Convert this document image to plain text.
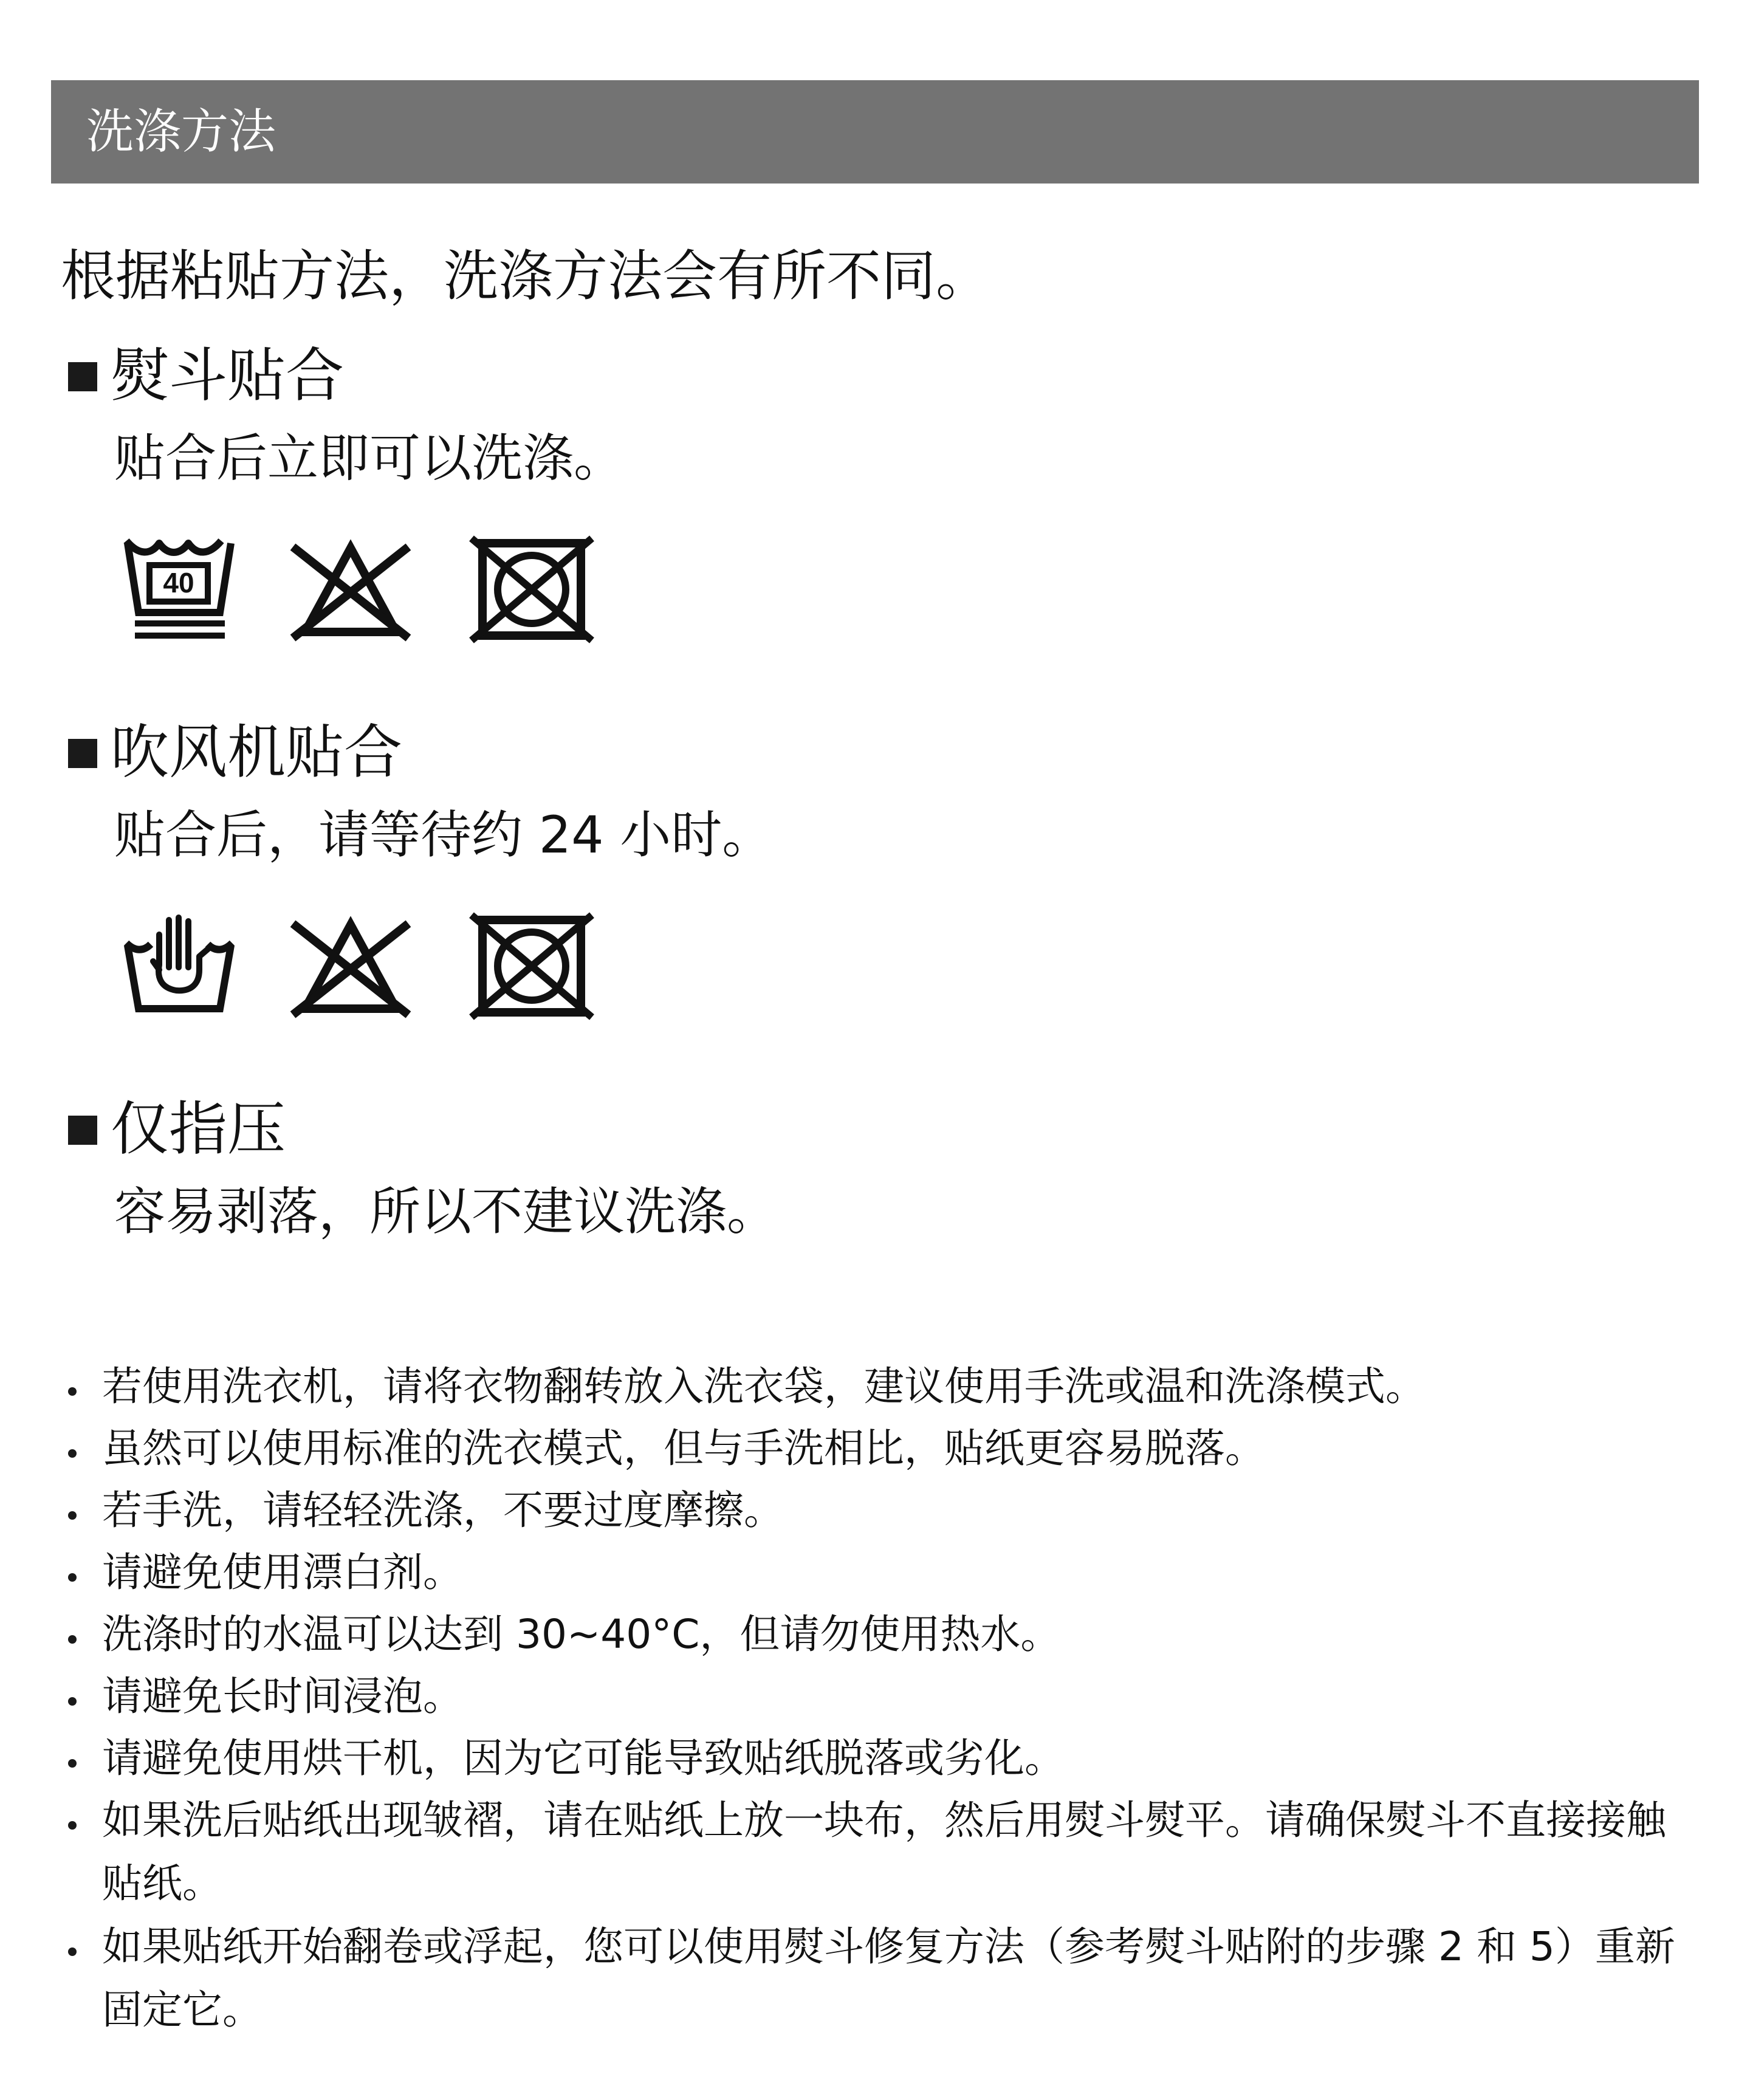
洗涤方法
根据粘贴方法，洗涤方法会有所不同。
熨斗贴合
贴合后立即可以洗涤。
40
吹风机贴合
贴合后，请等待约 24 小时。
仅指压
容易剥落，所以不建议洗涤。
若使用洗衣机，请将衣物翻转放入洗衣袋，建议使用手洗或温和洗涤模式。
虽然可以使用标准的洗衣模式，但与手洗相比，贴纸更容易脱落。
若手洗，请轻轻洗涤，不要过度摩擦。
请避免使用漂白剂。
洗涤时的水温可以达到 30~40°C，但请勿使用热水。
请避免长时间浸泡。
请避免使用烘干机，因为它可能导致贴纸脱落或劣化。
如果洗后贴纸出现皱褶，请在贴纸上放一块布，然后用熨斗熨平。请确保熨斗不直接接触贴纸。
如果贴纸开始翻卷或浮起，您可以使用熨斗修复方法（参考熨斗贴附的步骤 2 和 5）重新固定它。
